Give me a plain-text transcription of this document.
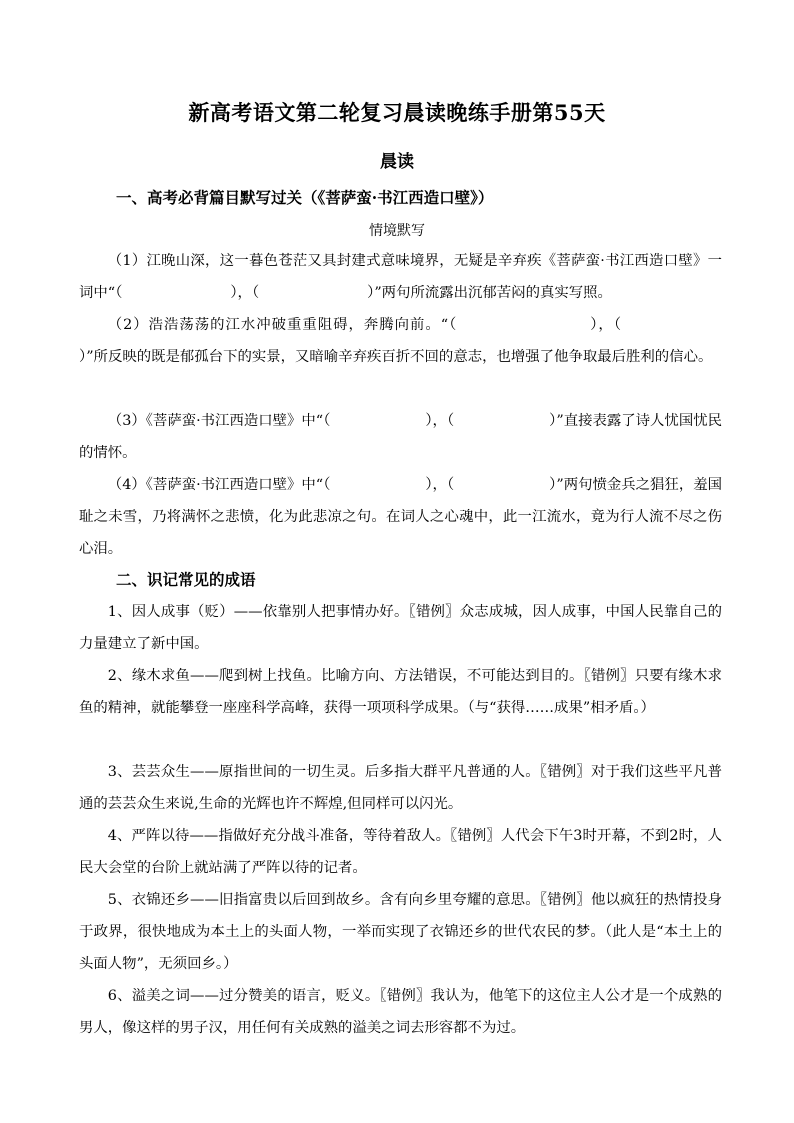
新高考语文第二轮复习晨读晚练手册第55天
晨读
一、高考必背篇目默写过关（《菩萨蛮·书江西造口壁》）
情境默写
（1）江晚山深，这一暮色苍茫又具封建式意味境界，无疑是辛弃疾《菩萨蛮·书江西造口壁》一词中“（	），（	）”两句所流露出沉郁苦闷的真实写照。
（2）浩浩荡荡的江水冲破重重阻碍，奔腾向前。“（	），（）”所反映的既是郁孤台下的实景，又暗喻辛弃疾百折不回的意志，也增强了他争取最后胜利的信心。
（3）《菩萨蛮·书江西造口壁》中“（	），（	）”直接表露了诗人忧国忧民的情怀。
（4）《菩萨蛮·书江西造口壁》中“（	），（	）”两句愤金兵之猖狂，羞国耻之未雪，乃将满怀之悲愤，化为此悲凉之句。在词人之心魂中，此一江流水，竟为行人流不尽之伤心泪。
二、识记常见的成语
1、因人成事（贬）——依靠别人把事情办好。〖错例〗众志成城，因人成事，中国人民靠自己的力量建立了新中国。
2、缘木求鱼——爬到树上找鱼。比喻方向、方法错误，不可能达到目的。〖错例〗只要有缘木求鱼的精神，就能攀登一座座科学高峰，获得一项项科学成果。（与“获得……成果”相矛盾。）
3、芸芸众生——原指世间的一切生灵。后多指大群平凡普通的人。〖错例〗对于我们这些平凡普通的芸芸众生来说,生命的光辉也许不辉煌,但同样可以闪光。
4、严阵以待——指做好充分战斗准备，等待着敌人。〖错例〗人代会下午3时开幕，不到2时，人民大会堂的台阶上就站满了严阵以待的记者。
5、衣锦还乡——旧指富贵以后回到故乡。含有向乡里夸耀的意思。〖错例〗他以疯狂的热情投身于政界，很快地成为本土上的头面人物，一举而实现了衣锦还乡的世代农民的梦。（此人是“本土上的头面人物”，无须回乡。）
6、溢美之词——过分赞美的语言，贬义。〖错例〗我认为，他笔下的这位主人公才是一个成熟的男人，像这样的男子汉，用任何有关成熟的溢美之词去形容都不为过。
